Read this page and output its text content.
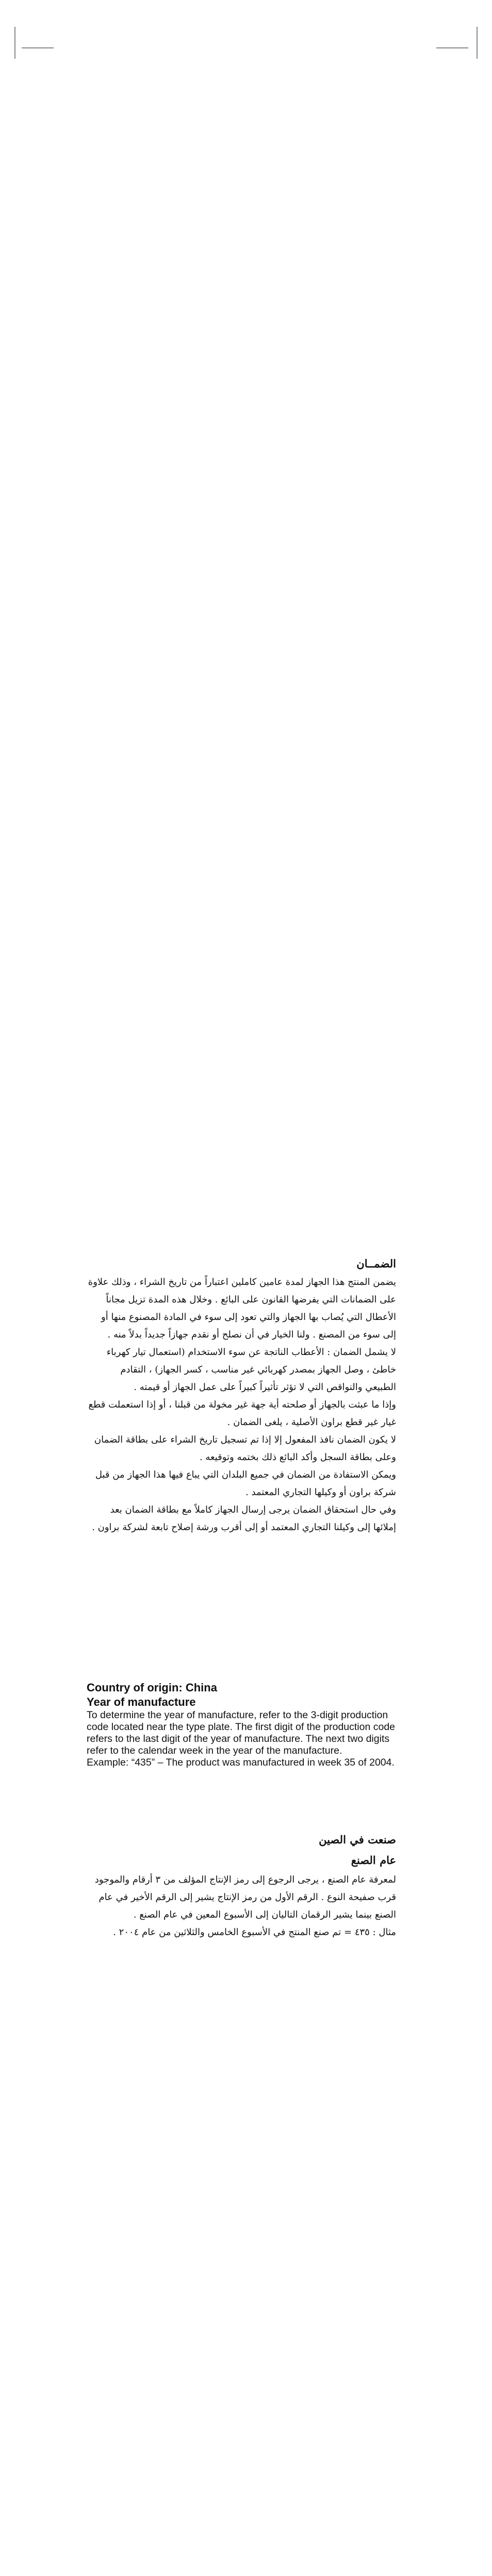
الضمــان

يضمن المنتج هذا الجهاز لمدة عامين كاملين اعتباراً من تاريخ الشراء ، وذلك علاوة على الضمانات التي يفرضها القانون على البائع . وخلال هذه المدة تزيل مجاناً الأعطال التي يُصاب بها الجهاز والتي تعود إلى سوء في المادة المصنوع منها أو إلى سوء من المصنع . ولنا الخيار في أن نصلح أو نقدم جهازاً جديداً بدلاً منه .

لا يشمل الضمان : الأعطاب الناتجة عن سوء الاستخدام (استعمال تيار كهرباء خاطئ ، وصل الجهاز بمصدر كهربائي غير مناسب ، كسر الجهاز) ، التقادم الطبيعي والنواقص التي لا تؤثر تأثيراً كبيراً على عمل الجهاز أو قيمته .

وإذا ما عبثت بالجهاز أو صلحته أية جهة غير مخولة من قبلنا ، أو إذا استعملت قطع غيار غير قطع براون الأصلية ، يلغى الضمان .

لا يكون الضمان نافذ المفعول إلا إذا تم تسجيل تاريخ الشراء على بطاقة الضمان وعلى بطاقة السجل وأكد البائع ذلك بختمه وتوقيعه .

ويمكن الاستفادة من الضمان في جميع البلدان التي يباع فيها هذا الجهاز من قبل شركة براون أو وكيلها التجاري المعتمد .

وفي حال استحقاق الضمان يرجى إرسال الجهاز كاملاً مع بطاقة الضمان بعد إملائها إلى وكيلنا التجاري المعتمد أو إلى أقرب ورشة إصلاح تابعة لشركة براون .

Country of origin: China

Year of manufacture

To determine the year of manufacture, refer to the 3-digit production code located near the type plate. The first digit of the production code refers to the last digit of the year of manufacture. The next two digits refer to the calendar week in the year of the manufacture.

Example: “435” – The product was manufactured in week 35 of 2004.

صنعت في الصين
عام الصنع

لمعرفة عام الصنع ، يرجى الرجوع إلى رمز الإنتاج المؤلف من ٣ أرقام والموجود قرب صفيحة النوع . الرقم الأول من رمز الإنتاج يشير إلى الرقم الأخير في عام الصنع بينما يشير الرقمان التاليان إلى الأسبوع المعين في عام الصنع .

مثال : ٤٣٥ = تم صنع المنتج في الأسبوع الخامس والثلاثين من عام ٢٠٠٤ .
